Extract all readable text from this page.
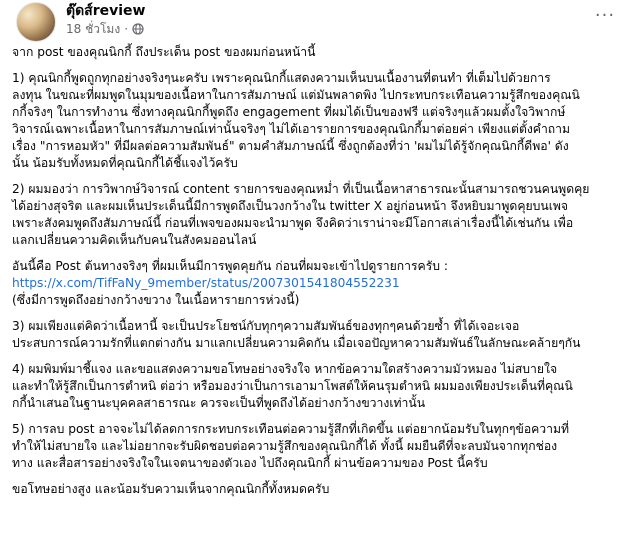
ตุ๊ดส์review
18 ชั่วโมง ·
···

จาก post ของคุณนิกกี้ ถึงประเด็น post ของผมก่อนหน้านี้

1) คุณนิกกี้พูดถูกทุกอย่างจริงๆนะครับ เพราะคุณนิกกี้แสดงความเห็นบนเนื้องานที่ตนทำ ที่เต็มไปด้วยการ

ลงทุน ในขณะที่ผมพูดในมุมของเนื้อหาในการสัมภาษณ์ แต่มันพลาดพิง ไปกระทบกระเทือนความรู้สึกของคุณนิ

กกี้จริงๆ ในการทำงาน ซึ่งทางคุณนิกกี้พูดถึง engagement ที่ผมได้เป็นของฟรี แต่จริงๆแล้วผมตั้งใจวิพากษ์

วิจารณ์เฉพาะเนื้อหาในการสัมภาษณ์เท่านั้นจริงๆ ไม่ได้เอารายการของคุณนิกกี้มาต่อยค่า เพียงแต่ตั้งคำถาม

เรื่อง "การหอมหัว" ที่มีผลต่อความสัมพันธ์" ตามคำสัมภาษณ์นี้ ซึ่งถูกต้องที่ว่า 'ผมไม่ได้รู้จักคุณนิกกี้ดีพอ' ดัง

นั้น น้อมรับทั้งหมดที่คุณนิกกี้ได้ชี้แจงไว้ครับ

2) ผมมองว่า การวิพากษ์วิจารณ์ content รายการของคุณหม่ำ ที่เป็นเนื้อหาสาธารณะนั้นสามารถชวนคนพูดคุย

ได้อย่างสุจริต และผมเห็นประเด็นนี้มีการพูดถึงเป็นวงกว้างใน twitter X อยู่ก่อนหน้า จึงหยิบมาพูดคุยบนเพจ

เพราะสังคมพูดถึงสัมภาษณ์นี้ ก่อนที่เพจของผมจะนำมาพูด จึงคิดว่าเราน่าจะมีโอกาสเล่าเรื่องนี้ได้เช่นกัน เพื่อ

แลกเปลี่ยนความคิดเห็นกับคนในสังคมออนไลน์

อันนี้คือ Post ต้นทางจริงๆ ที่ผมเห็นมีการพูดคุยกัน ก่อนที่ผมจะเข้าไปดูรายการครับ :

https://x.com/TifFaNy_9member/status/2007301541804552231

(ซึ่งมีการพูดถึงอย่างกว้างขวาง ในเนื้อหารายการห่วงนี้)

3) ผมเพียงแต่คิดว่าเนื้อหานี้ จะเป็นประโยชน์กับทุกๆความสัมพันธ์ของทุกๆคนด้วยซ้ำ ที่ได้เจอะเจอ

ประสบการณ์ความรักที่แตกต่างกัน มาแลกเปลี่ยนความคิดกัน เมื่อเจอปัญหาความสัมพันธ์ในลักษณะคล้ายๆกัน

4) ผมพิมพ์มาชี้แจง และขอแสดงความขอโทษอย่างจริงใจ หากข้อความใดสร้างความมัวหมอง ไม่สบายใจ

และทำให้รู้สึกเป็นการตำหนิ ต่อว่า หรือมองว่าเป็นการเอามาโพสต์ให้คนรุมตำหนิ ผมมองเพียงประเด็นที่คุณนิ

กกี้นำเสนอในฐานะบุคคลสาธารณะ ควรจะเป็นที่พูดถึงได้อย่างกว้างขวางเท่านั้น

5) การลบ post อาจจะไม่ได้ลดการกระทบกระเทือนต่อความรู้สึกที่เกิดขึ้น แต่อยากน้อมรับในทุกๆข้อความที่

ทำให้ไม่สบายใจ และไม่อยากจะรับผิดชอบต่อความรู้สึกของคุณนิกกี้ได้ ทั้งนี้ ผมยืนดีที่จะลบมันจากทุกช่อง

ทาง และสื่อสารอย่างจริงใจในเจตนาของตัวเอง ไปถึงคุณนิกกี้ ผ่านข้อความของ Post นี้ครับ

ขอโทษอย่างสูง และน้อมรับความเห็นจากคุณนิกกี้ทั้งหมดครับ
